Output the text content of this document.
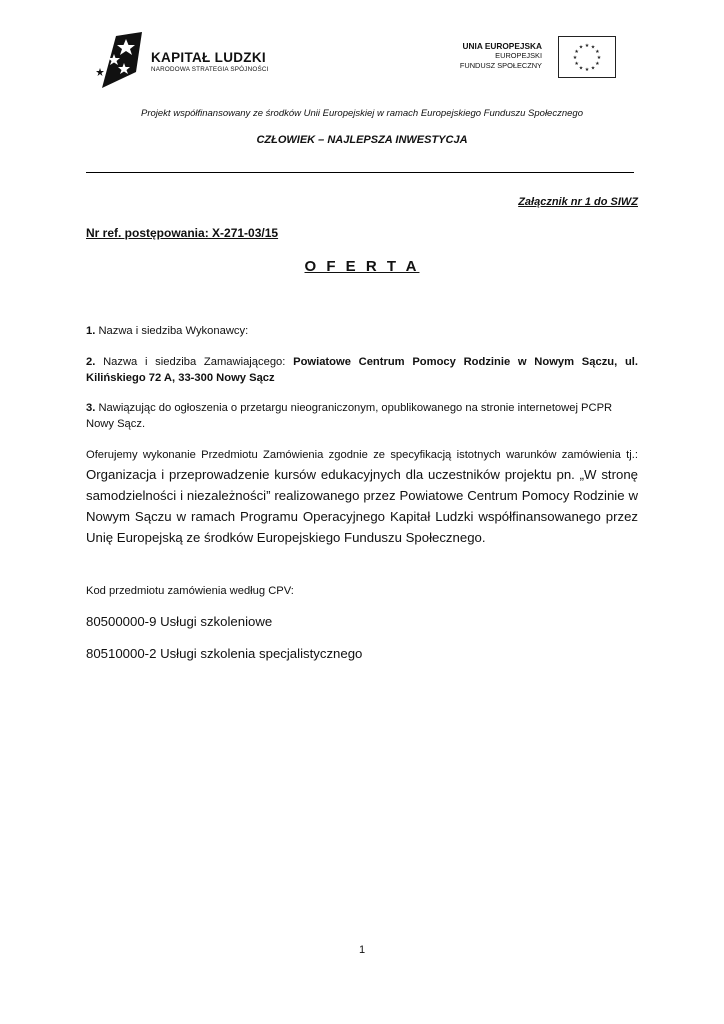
KAPITAŁ LUDZKI
NARODOWA STRATEGIA SPÓJNOŚCI
UNIA EUROPEJSKA
EUROPEJSKI
FUNDUSZ SPOŁECZNY
★ ★
★
★
★
★
★
★
★
★
★
★
Projekt współfinansowany ze środków Unii Europejskiej w ramach Europejskiego Funduszu Społecznego
CZŁOWIEK – NAJLEPSZA INWESTYCJA
Załącznik nr 1 do SIWZ
Nr ref. postępowania: X-271-03/15
O F E R T A
1. Nazwa i siedziba Wykonawcy:
2. Nazwa i siedziba Zamawiającego: Powiatowe Centrum Pomocy Rodzinie w Nowym Sączu, ul. Kilińskiego 72 A, 33-300 Nowy Sącz
3. Nawiązując do ogłoszenia o przetargu nieograniczonym, opublikowanego na stronie internetowej PCPR Nowy Sącz.
Oferujemy wykonanie Przedmiotu Zamówienia zgodnie ze specyfikacją istotnych warunków zamówienia tj.: Organizacja i przeprowadzenie kursów edukacyjnych dla uczestników projektu pn. „W stronę samodzielności i niezależności” realizowanego przez Powiatowe Centrum Pomocy Rodzinie w Nowym Sączu w ramach Programu Operacyjnego Kapitał Ludzki współfinansowanego przez Unię Europejską ze środków Europejskiego Funduszu Społecznego.
Kod przedmiotu zamówienia według CPV:
80500000-9 Usługi szkoleniowe
80510000-2 Usługi szkolenia specjalistycznego
1
